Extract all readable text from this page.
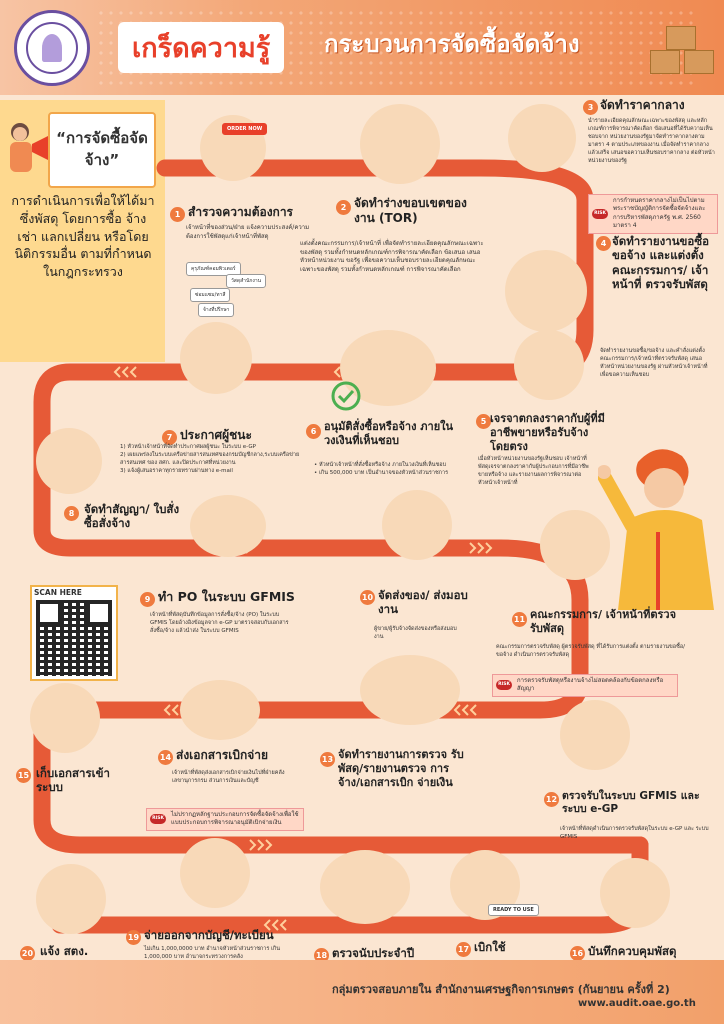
เกร็ดความรู้	กระบวนการจัดซื้อจัดจ้าง
“การจัดซื้อจัดจ้าง”
การดำเนินการเพื่อให้ได้มาซึ่งพัสดุ โดยการซื้อ จ้าง เช่า แลกเปลี่ยน หรือโดยนิติกรรมอื่น ตามที่กำหนดในกฎกระทรวง
ORDER NOW
READY TO USE
SCAN HERE
คุรุภัณฑ์คอมพิวเตอร์
วัสดุสำนักงาน
ซ่อมแซม/ทาสี
จ้างที่ปรึกษา
1 สำรวจความต้องการ
เจ้าหน้าที่ของส่วน/ฝ่าย แจ้งความประสงค์/ความต้องการใช้พัสดุแก่เจ้าหน้าที่พัสดุ
2 จัดทำร่างขอบเขตของงาน (TOR)
แต่งตั้งคณะกรรมการ/เจ้าหน้าที่ เพื่อจัดทำรายละเอียดคุณลักษณะเฉพาะของพัสดุ รวมทั้งกำหนดหลักเกณฑ์การพิจารณาคัดเลือก ข้อเสนอ เสนอหัวหน้าหน่วยงาน ขอรัฐ เพื่อขอความเห็นชอบรายละเอียดคุณลักษณะเฉพาะของพัสดุ รวมทั้งกำหนดหลักเกณฑ์ การพิจารณาคัดเลือก
3 จัดทำราคากลาง
นำรายละเอียดคุณลักษณะเฉพาะของพัสดุ และหลักเกณฑ์การพิจารณาคัดเลือก ข้อเสนอที่ได้รับความเห็นชอบจาก หน่วยงานของรัฐมาจัดทำราคากลางตามมาตรา 4 ตามประเภทของงาน เมื่อจัดทำราคากลาง แล้วเสร็จ เสนอขอความเห็นชอบราคากลาง ต่อหัวหน้าหน่วยงานของรัฐ
RISK
การกำหนดราคากลางไม่เป็นไปตาม พระราชบัญญัติการจัดซื้อจัดจ้างและการบริหารพัสดุภาครัฐ พ.ศ. 2560 มาตรา 4
4 จัดทำรายงานขอซื้อขอจ้าง และแต่งตั้งคณะกรรมการ/ เจ้าหน้าที่ ตรวจรับพัสดุ
จัดทำรายงานขอซื้อ/ขอจ้าง และคำสั่งแต่งตั้งคณะกรรมการ/เจ้าหน้าที่ตรวจรับพัสดุ เสนอหัวหน้าหน่วยงานของรัฐ ผ่านหัวหน้าเจ้าหน้าที่ เพื่อขอความเห็นชอบ
5 เจรจาตกลงราคากับผู้ที่มีอาชีพขายหรือรับจ้างโดยตรง
เมื่อหัวหน้าหน่วยงานของรัฐเห็นชอบ เจ้าหน้าที่พัสดุเจรจาตกลงราคากับผู้ประกอบการที่มีอาชีพขายหรือจ้าง และรายงานผลการพิจารณาต่อหัวหน้าเจ้าหน้าที่
6 อนุมัติสั่งซื้อหรือจ้าง ภายในวงเงินที่เห็นชอบ
• หัวหน้าเจ้าหน้าที่สั่งซื้อหรือจ้าง ภายในวงเงินที่เห็นชอบ
• เกิน 500,000 บาท เป็นอำนาจของหัวหน้าส่วนราชการ
7 ประกาศผู้ชนะ
1) หัวหน้าเจ้าหน้าที่จัดทำประกาศผลผู้ชนะ ในระบบ e-GP
2) เผยแพร่ลงในระบบเครือข่ายสารสนเทศของกรมบัญชีกลาง,ระบบเครือข่ายสารสนเทศ ของ สศก. และปิดประกาศที่หน่วยงาน
3) แจ้งผู้เสนอราคาทุกรายทราบผ่านทาง e-mail
8 จัดทำสัญญา/ ใบสั่งซื้อสั่งจ้าง
9 ทำ PO ในระบบ GFMIS
เจ้าหน้าที่พัสดุบันทึกข้อมูลการสั่งซื้อ/จ้าง (PO) ในระบบ GFMIS โดยอ้างอิงข้อมูลจาก e-GP มาตรวจสอบกับเอกสารสั่งซื้อ/จ้าง แล้วนำส่ง ในระบบ GFMIS
10 จัดส่งของ/ ส่งมอบงาน
ผู้ขาย/ผู้รับจ้างจัดส่งของหรือส่งมอบงาน
11 คณะกรรมการ/ เจ้าหน้าที่ตรวจรับพัสดุ
คณะกรรมการตรวจรับพัสดุ ผู้ตรวจรับพัสดุ ที่ได้รับการแต่งตั้ง ตามรายงานขอซื้อ/ขอจ้าง ดำเนินการตรวจรับพัสดุ
RISK
การตรวจรับพัสดุหรืองานจ้างไม่สอดคล้องกับข้อตกลงหรือสัญญา
12 ตรวจรับในระบบ GFMIS และระบบ e-GP
เจ้าหน้าที่พัสดุดำเนินการตรวจรับพัสดุในระบบ e-GP และ ระบบ GFMIS
13 จัดทำรายงานการตรวจ รับพัสดุ/รายงานตรวจ การจ้าง/เอกสารเบิก จ่ายเงิน
14 ส่งเอกสารเบิกจ่าย
เจ้าหน้าที่พัสดุส่งเอกสารเบิกจ่ายเงินไปที่ฝ่ายคลัง เลขานุการกรม ส่วนการเงินและบัญชี
RISK
ไม่ปรากฏหลักฐานประกอบการจัดซื้อจัดจ้างเพื่อใช้แบบประกอบการพิจารณาอนุมัติเบิกจ่ายเงิน
15 เก็บเอกสารเข้าระบบ
16 บันทึกควบคุมพัสดุ
17 เบิกใช้
18 ตรวจนับประจำปี
19 จ่ายออกจากบัญชี/ทะเบียน
ไม่เกิน 1,000,0000 บาท อำนาจหัวหน้าส่วนราชการ เกิน 1,000,000 บาท อำนาจกระทรวงการคลัง
20 แจ้ง สตง.
กลุ่มตรวจสอบภายใน สำนักงานเศรษฐกิจการเกษตร (กันยายน ครั้งที่ 2)
www.audit.oae.go.th
